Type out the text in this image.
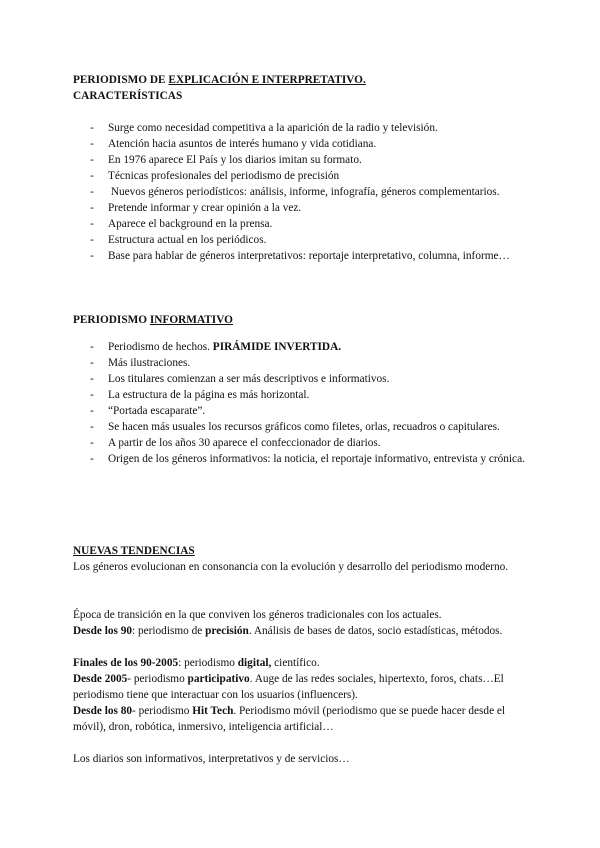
PERIODISMO DE EXPLICACIÓN E INTERPRETATIVO.
CARACTERÍSTICAS
- Surge como necesidad competitiva a la aparición de la radio y televisión.
- Atención hacia asuntos de interés humano y vida cotidiana.
- En 1976 aparece El País y los diarios imitan su formato.
- Técnicas profesionales del periodismo de precisión
- Nuevos géneros periodísticos: análisis, informe, infografía, géneros complementarios.
- Pretende informar y crear opinión a la vez.
- Aparece el background en la prensa.
- Estructura actual en los periódicos.
- Base para hablar de géneros interpretativos: reportaje interpretativo, columna, informe…
PERIODISMO INFORMATIVO
- Periodismo de hechos. PIRÁMIDE INVERTIDA.
- Más ilustraciones.
- Los titulares comienzan a ser más descriptivos e informativos.
- La estructura de la página es más horizontal.
- “Portada escaparate”.
- Se hacen más usuales los recursos gráficos como filetes, orlas, recuadros o capitulares.
- A partir de los años 30 aparece el confeccionador de diarios.
- Origen de los géneros informativos: la noticia, el reportaje informativo, entrevista y crónica.
NUEVAS TENDENCIAS

Los géneros evolucionan en consonancia con la evolución y desarrollo del periodismo moderno.

Época de transición en la que conviven los géneros tradicionales con los actuales.

Desde los 90: periodismo de precisión. Análisis de bases de datos, socio estadísticas, métodos.

Finales de los 90-2005: periodismo digital, científico.

Desde 2005- periodismo participativo. Auge de las redes sociales, hipertexto, foros, chats…El periodismo tiene que interactuar con los usuarios (influencers).

Desde los 80- periodismo Hit Tech. Periodismo móvil (periodismo que se puede hacer desde el móvil), dron, robótica, inmersivo, inteligencia artificial…

Los diarios son informativos, interpretativos y de servicios…
